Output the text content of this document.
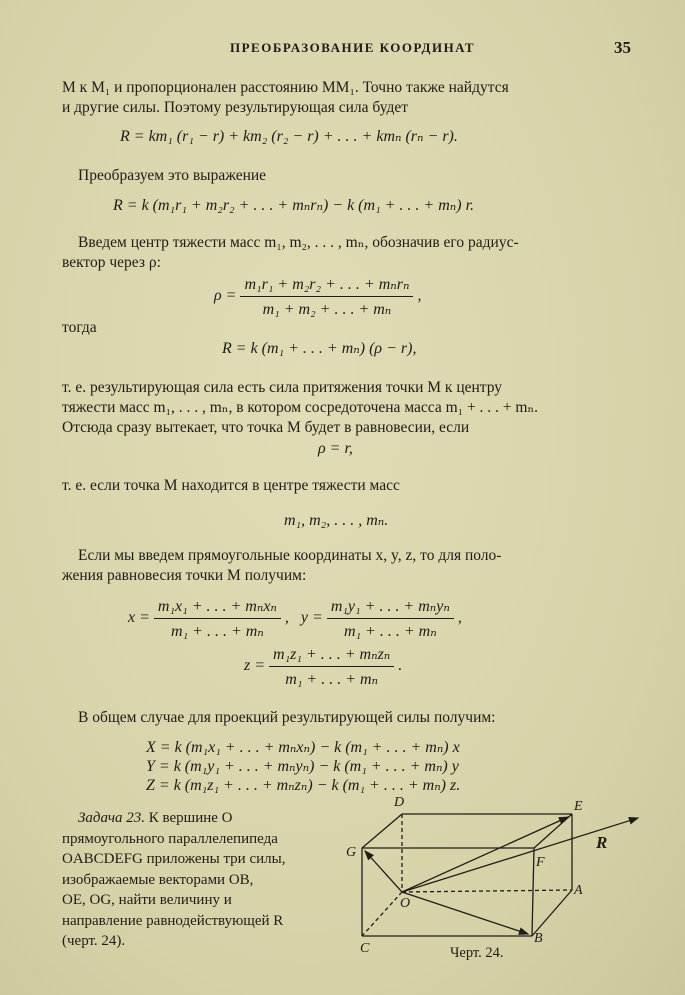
ПРЕОБРАЗОВАНИЕ КООРДИНАТ	35
M к M₁ и пропорционален расстоянию MM₁. Точно также найдутся
и другие силы. Поэтому результирующая сила будет
R = km₁ (r₁ − r) + km₂ (r₂ − r) + . . . + kmₙ (rₙ − r).
Преобразуем это выражение
R = k (m₁r₁ + m₂r₂ + . . . + mₙrₙ) − k (m₁ + . . . + mₙ) r.
Введем центр тяжести масс m₁, m₂, . . . , mₙ, обозначив его радиус-
вектор через ρ:
$\rho = \frac{\text{m₁r₁ + m₂r₂ + . . . + mₙrₙ}}{\text{m₁ + m₂ + . . . + mₙ}}$ ,
тогда
R = k (m₁ + . . . + mₙ) (ρ − r),
т. е. результирующая сила есть сила притяжения точки M к центру
тяжести масс m₁, . . . , mₙ, в котором сосредоточена масса m₁ + . . . + mₙ.
Отсюда сразу вытекает, что точка M будет в равновесии, если
ρ = r,
т. е. если точка M находится в центре тяжести масс
m₁, m₂, . . . , mₙ.
Если мы введем прямоугольные координаты x, y, z, то для поло-
жения равновесия точки M получим:
$x = \frac{\text{m₁x₁ + . . . + mₙxₙ}}{\text{m₁ + . . . + mₙ}}$ , $y = \frac{\text{m₁y₁ + . . . + mₙyₙ}}{\text{m₁ + . . . + mₙ}}$ ,
$z = \frac{\text{m₁z₁ + . . . + mₙzₙ}}{\text{m₁ + . . . + mₙ}}$ .
В общем случае для проекций результирующей силы получим:
X = k (m₁x₁ + . . . + mₙxₙ) − k (m₁ + . . . + mₙ) x
Y = k (m₁y₁ + . . . + mₙyₙ) − k (m₁ + . . . + mₙ) y
Z = k (m₁z₁ + . . . + mₙzₙ) − k (m₁ + . . . + mₙ) z.
Задача 23. К вершине O
прямоугольного параллелепипеда
OABCDEFG приложены три силы,
изображаемые векторами OB,
OE, OG, найти величину и
направление равнодействующей R
(черт. 24).
D	E
G
F
O
A
C
B
R
Черт. 24.
